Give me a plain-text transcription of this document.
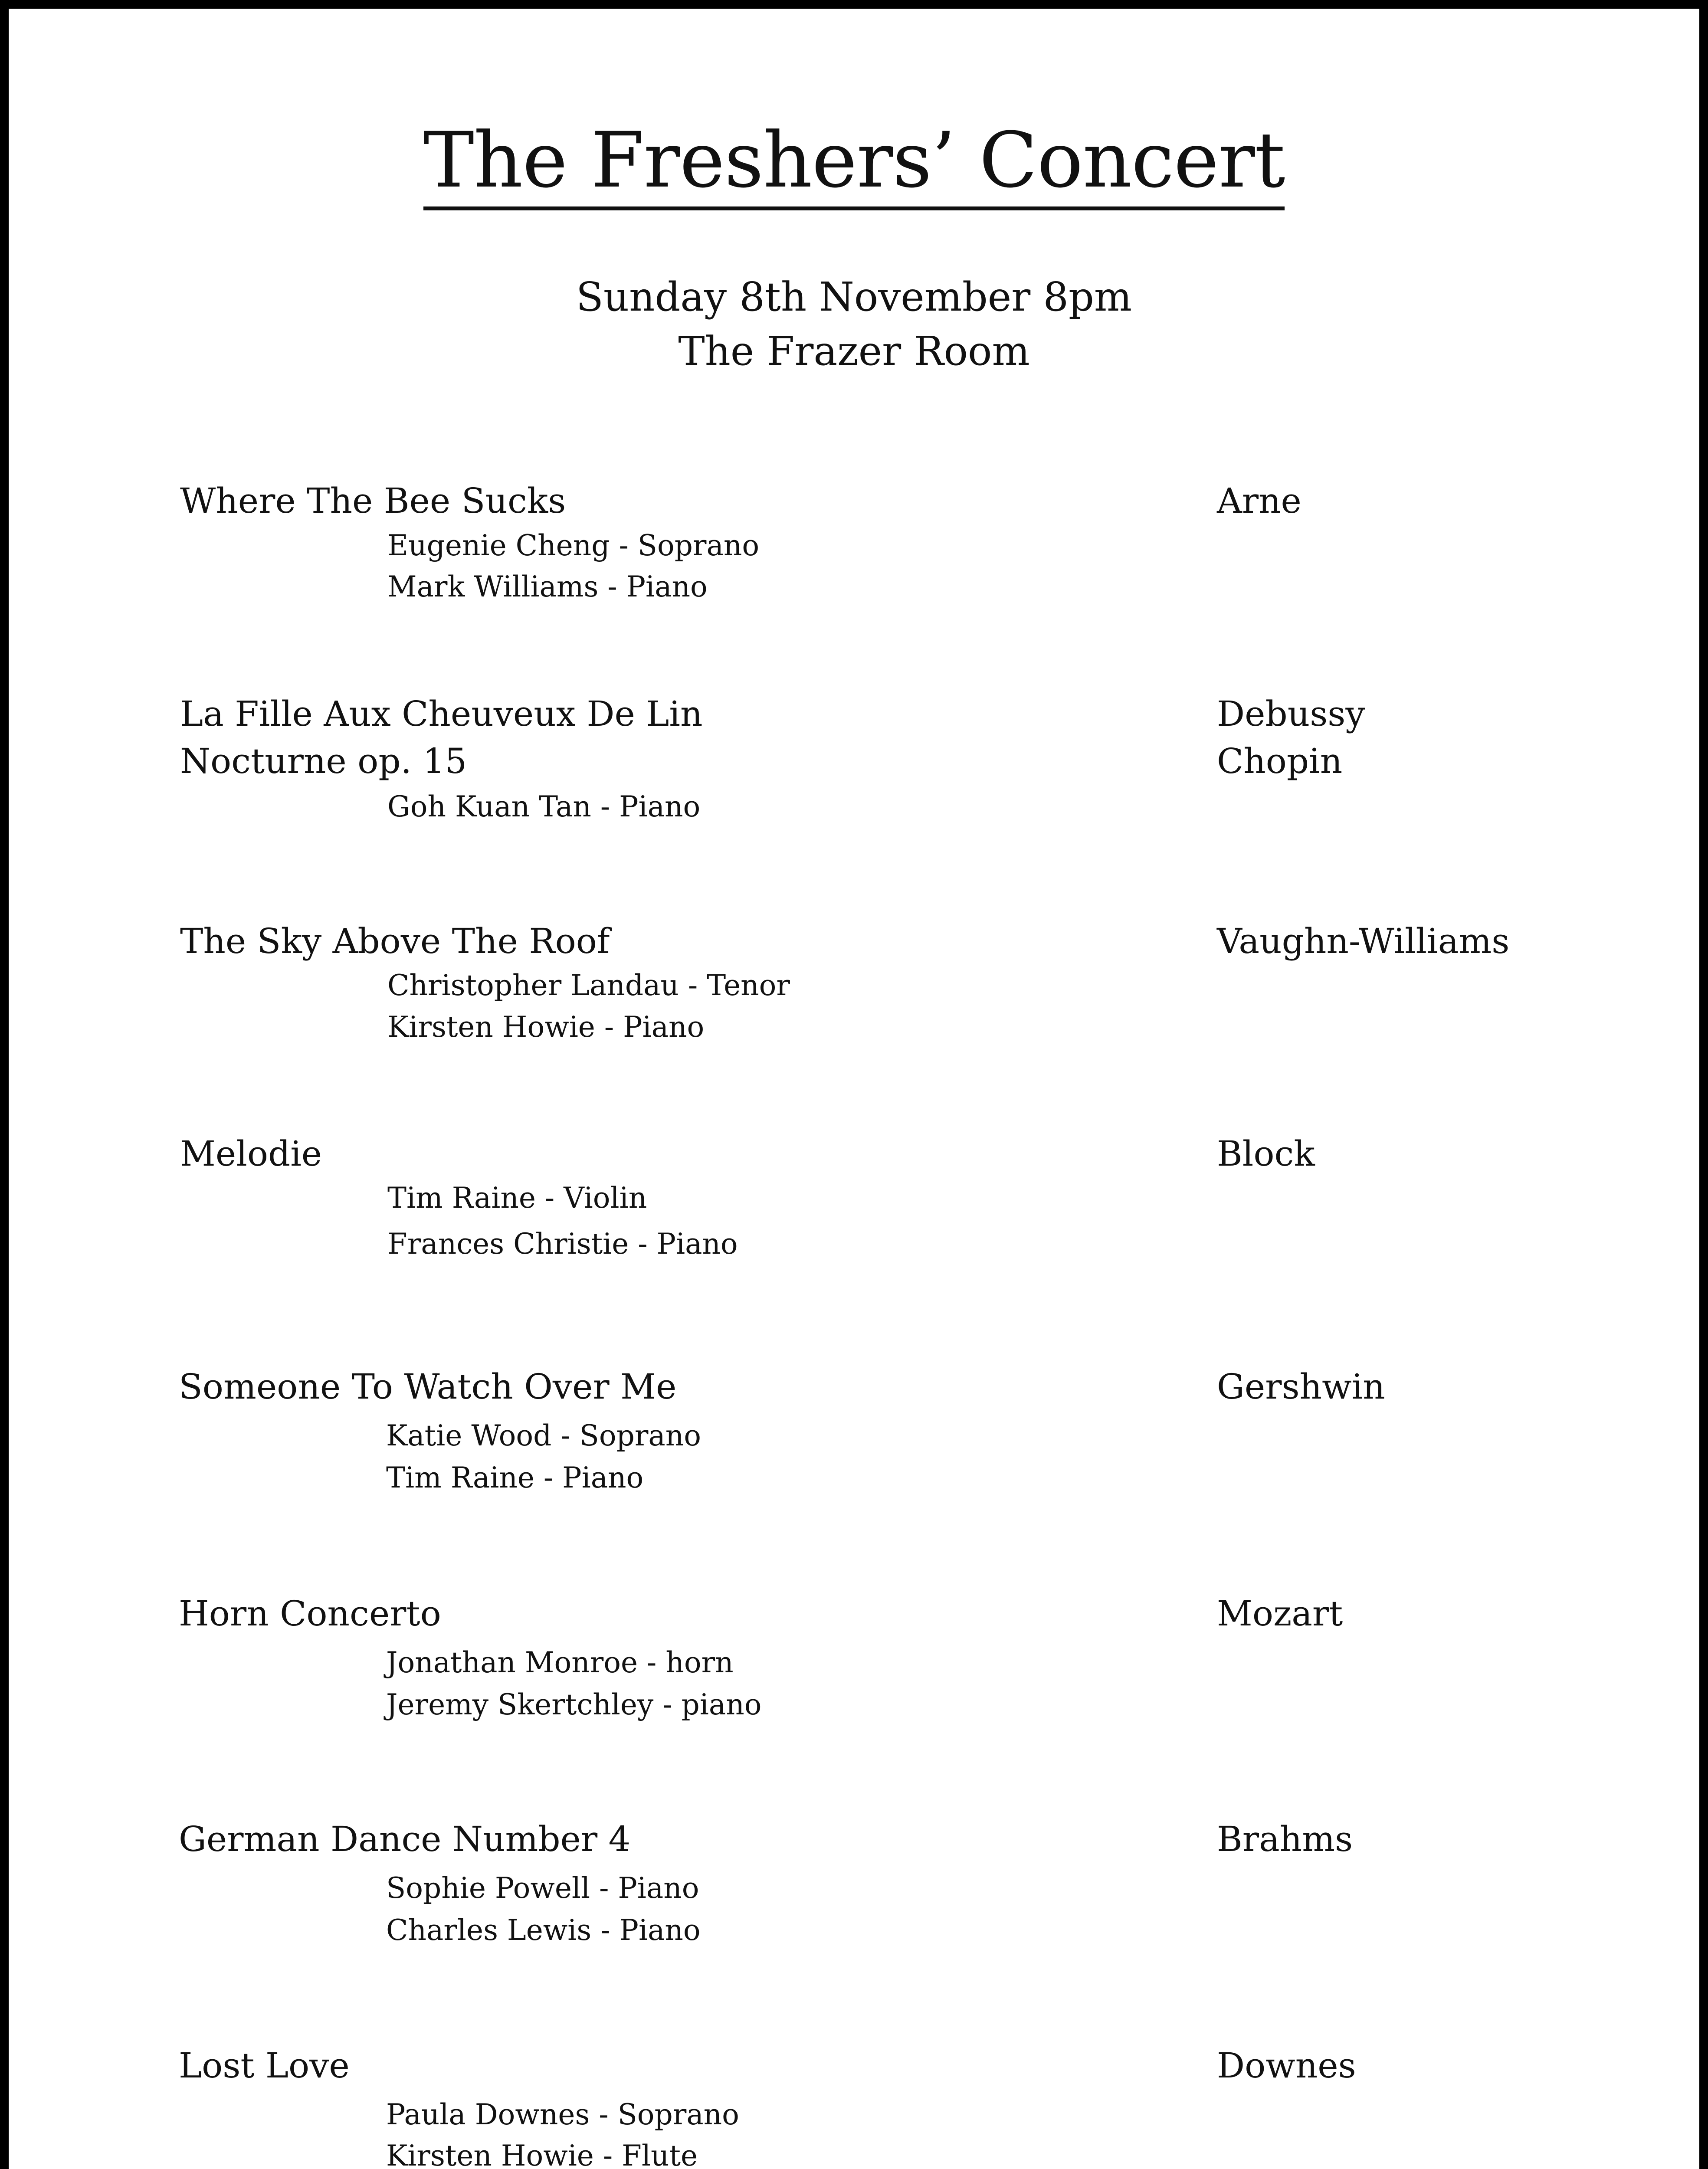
The Freshers’ Concert
Sunday 8th November 8pm
The Frazer Room
Where The Bee Sucks	Arne
Eugenie Cheng - Soprano
Mark Williams - Piano
La Fille Aux Cheuveux De Lin	Debussy
Nocturne op. 15	Chopin
Goh Kuan Tan - Piano
The Sky Above The Roof	Vaughn-Williams
Christopher Landau - Tenor
Kirsten Howie - Piano
Melodie	Block
Tim Raine - Violin
Frances Christie - Piano
Someone To Watch Over Me	Gershwin
Katie Wood - Soprano
Tim Raine - Piano
Horn Concerto	Mozart
Jonathan Monroe - horn
Jeremy Skertchley - piano
German Dance Number 4	Brahms
Sophie Powell - Piano
Charles Lewis - Piano
Lost Love	Downes
Paula Downes - Soprano
Kirsten Howie - Flute
